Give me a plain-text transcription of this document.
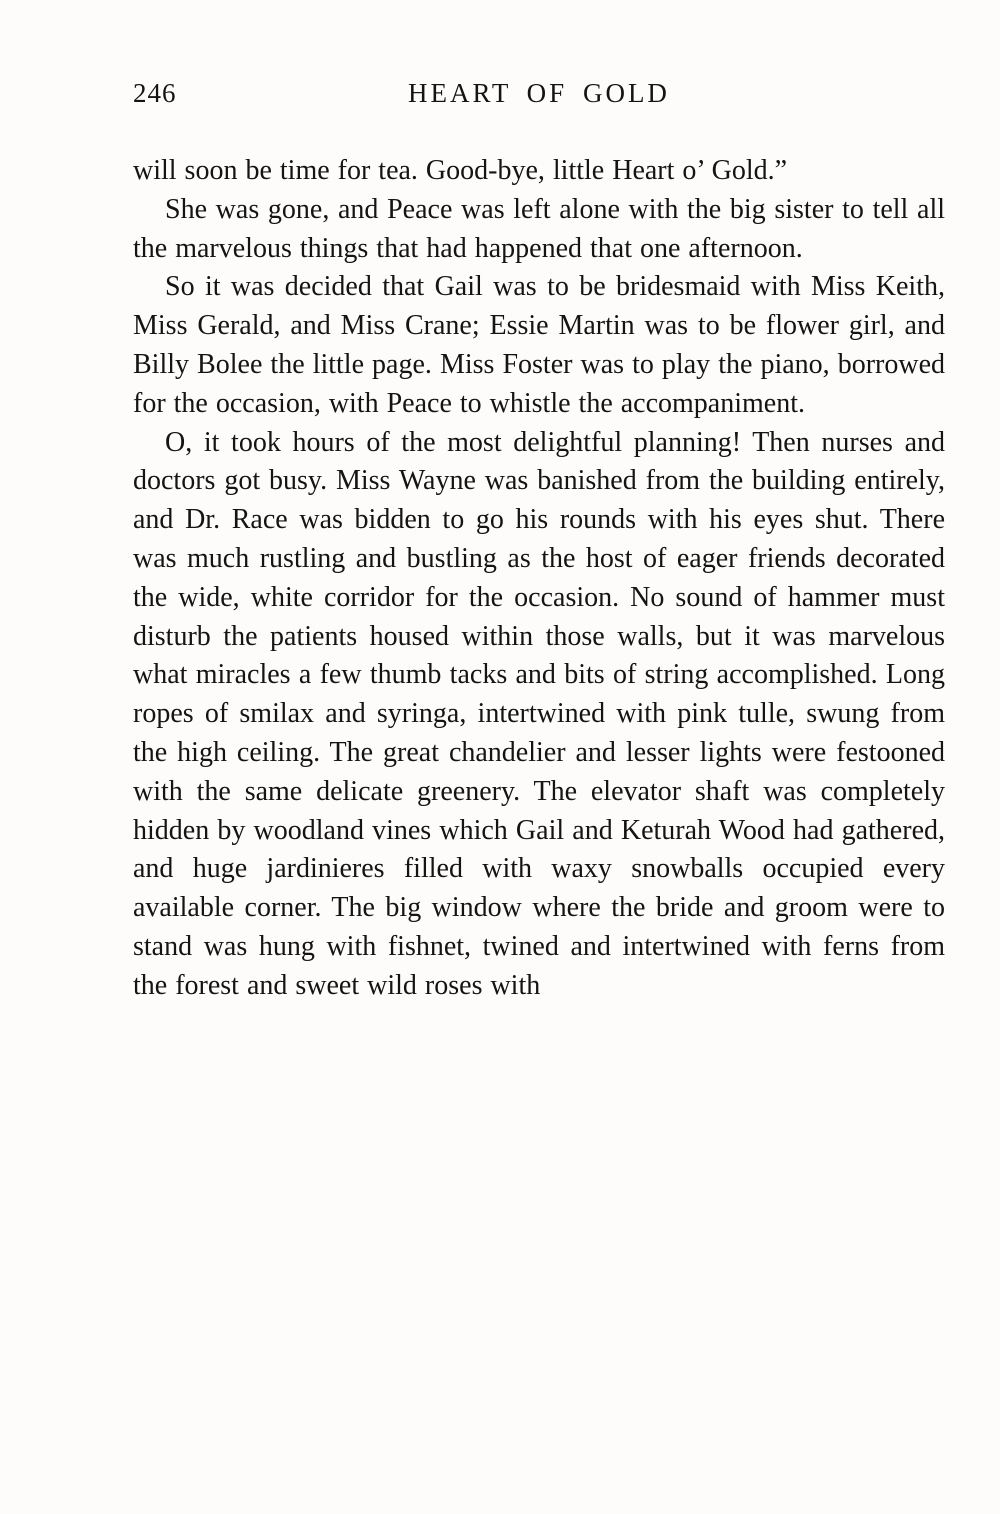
246	HEART OF GOLD

will soon be time for tea. Good-bye, little Heart o’ Gold.”

She was gone, and Peace was left alone with the big sister to tell all the marvelous things that had happened that one afternoon.

So it was decided that Gail was to be bridesmaid with Miss Keith, Miss Gerald, and Miss Crane; Essie Martin was to be flower girl, and Billy Bolee the little page. Miss Foster was to play the piano, borrowed for the occasion, with Peace to whistle the accompaniment.

O, it took hours of the most delightful planning! Then nurses and doctors got busy. Miss Wayne was banished from the building entirely, and Dr. Race was bidden to go his rounds with his eyes shut. There was much rustling and bustling as the host of eager friends decorated the wide, white corridor for the occasion. No sound of hammer must disturb the patients housed within those walls, but it was marvelous what miracles a few thumb tacks and bits of string accomplished. Long ropes of smilax and syringa, intertwined with pink tulle, swung from the high ceiling. The great chandelier and lesser lights were festooned with the same delicate greenery. The elevator shaft was completely hidden by woodland vines which Gail and Keturah Wood had gathered, and huge jardinieres filled with waxy snowballs occupied every available corner. The big window where the bride and groom were to stand was hung with fishnet, twined and intertwined with ferns from the forest and sweet wild roses with
